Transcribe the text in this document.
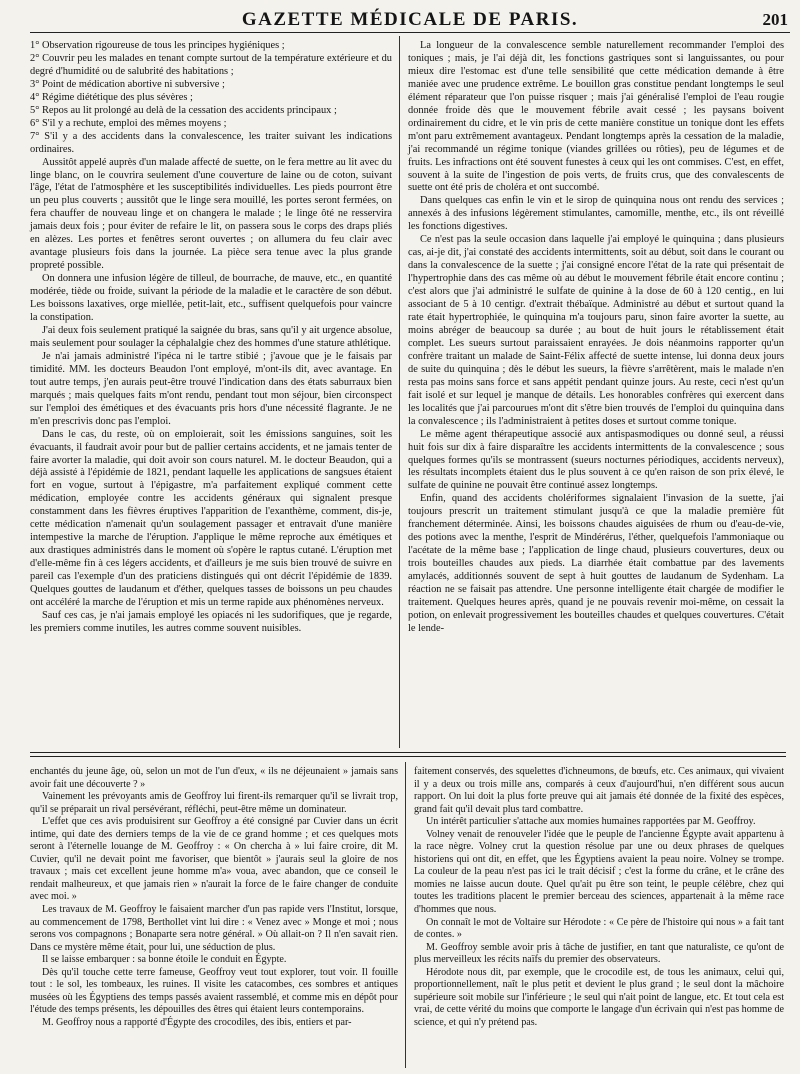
GAZETTE MÉDICALE DE PARIS.	201

1° Observation rigoureuse de tous les principes hygiéniques ;

2° Couvrir peu les malades en tenant compte surtout de la température extérieure et du degré d'humidité ou de salubrité des habitations ;

3° Point de médication abortive ni subversive ;

4° Régime diététique des plus sévères ;

5° Repos au lit prolongé au delà de la cessation des accidents principaux ;

6° S'il y a rechute, emploi des mêmes moyens ;

7° S'il y a des accidents dans la convalescence, les traiter suivant les indications ordinaires.

Aussitôt appelé auprès d'un malade affecté de suette, on le fera mettre au lit avec du linge blanc, on le couvrira seulement d'une couverture de laine ou de coton, suivant l'âge, l'état de l'atmosphère et les susceptibilités individuelles. Les pieds pourront être un peu plus couverts ; aussitôt que le linge sera mouillé, les portes seront fermées, on fera chauffer de nouveau linge et on changera le malade ; le linge ôté ne resservira jamais deux fois ; pour éviter de refaire le lit, on passera sous le corps des draps pliés en alèzes. Les portes et fenêtres seront ouvertes ; on allumera du feu clair avec avantage plusieurs fois dans la journée. La pièce sera tenue avec la plus grande propreté possible.

On donnera une infusion légère de tilleul, de bourrache, de mauve, etc., en quantité modérée, tiède ou froide, suivant la période de la maladie et le caractère de son début. Les boissons laxatives, orge miellée, petit-lait, etc., suffisent quelquefois pour vaincre la constipation.

J'ai deux fois seulement pratiqué la saignée du bras, sans qu'il y ait urgence absolue, mais seulement pour soulager la céphalalgie chez des hommes d'une stature athlétique.

Je n'ai jamais administré l'ipéca ni le tartre stibié ; j'avoue que je le faisais par timidité. MM. les docteurs Beaudon l'ont employé, m'ont-ils dit, avec avantage. En tout autre temps, j'en aurais peut-être trouvé l'indication dans des états saburraux bien marqués ; mais quelques faits m'ont rendu, pendant tout mon séjour, bien circonspect sur l'emploi des émétiques et des évacuants pris hors d'une nécessité flagrante. Je ne m'en prescrivis donc pas l'emploi.

Dans le cas, du reste, où on emploierait, soit les émissions sanguines, soit les évacuants, il faudrait avoir pour but de pallier certains accidents, et ne jamais tenter de faire avorter la maladie, qui doit avoir son cours naturel. M. le docteur Beaudon, qui a déjà assisté à l'épidémie de 1821, pendant laquelle les applications de sangsues étaient fort en vogue, surtout à l'épigastre, m'a parfaitement expliqué comment cette médication, employée contre les accidents généraux qui signalent presque constamment dans les fièvres éruptives l'apparition de l'exanthème, comment, dis-je, cette médication n'amenait qu'un soulagement passager et entravait d'une manière intempestive la marche de l'éruption. J'applique le même reproche aux émétiques et aux drastiques administrés dans le moment où s'opère le raptus cutané. L'éruption met d'elle-même fin à ces légers accidents, et d'ailleurs je me suis bien trouvé de suivre en pareil cas l'exemple d'un des praticiens distingués qui ont décrit l'épidémie de 1839. Quelques gouttes de laudanum et d'éther, quelques tasses de boissons un peu chaudes ont accéléré la marche de l'éruption et mis un terme rapide aux phénomènes nerveux.

Sauf ces cas, je n'ai jamais employé les opiacés ni les sudorifiques, que je regarde, les premiers comme inutiles, les autres comme souvent nuisibles.

La longueur de la convalescence semble naturellement recommander l'emploi des toniques ; mais, je l'ai déjà dit, les fonctions gastriques sont si languissantes, ou pour mieux dire l'estomac est d'une telle sensibilité que cette médication demande à être maniée avec une prudence extrême. Le bouillon gras constitue pendant longtemps le seul élément réparateur que l'on puisse risquer ; mais j'ai généralisé l'emploi de l'eau rougie donnée froide dès que le mouvement fébrile avait cessé ; les paysans boivent ordinairement du cidre, et le vin pris de cette manière constitue un tonique dont les effets m'ont paru extrêmement avantageux. Pendant longtemps après la cessation de la maladie, j'ai recommandé un régime tonique (viandes grillées ou rôties), peu de légumes et de fruits. Les infractions ont été souvent funestes à ceux qui les ont commises. C'est, en effet, souvent à la suite de l'ingestion de pois verts, de fruits crus, que des convalescents de suette ont été pris de choléra et ont succombé.

Dans quelques cas enfin le vin et le sirop de quinquina nous ont rendu des services ; annexés à des infusions légèrement stimulantes, camomille, menthe, etc., ils ont réveillé les fonctions digestives.

Ce n'est pas la seule occasion dans laquelle j'ai employé le quinquina ; dans plusieurs cas, ai-je dit, j'ai constaté des accidents intermittents, soit au début, soit dans le courant ou dans la convalescence de la suette ; j'ai consigné encore l'état de la rate qui présentait de l'hypertrophie dans des cas même où au début le mouvement fébrile était encore continu ; c'est alors que j'ai administré le sulfate de quinine à la dose de 60 à 120 centig., en lui associant de 5 à 10 centigr. d'extrait thébaïque. Administré au début et surtout quand la rate était hypertrophiée, le quinquina m'a toujours paru, sinon faire avorter la suette, au moins abréger de beaucoup sa durée ; au bout de huit jours le rétablissement était complet. Les sueurs surtout paraissaient enrayées. Je dois néanmoins rapporter qu'un confrère traitant un malade de Saint-Félix affecté de suette intense, lui donna deux jours de suite du quinquina ; dès le début les sueurs, la fièvre s'arrêtèrent, mais le malade n'en resta pas moins sans force et sans appétit pendant quinze jours. Au reste, ceci n'est qu'un fait isolé et sur lequel je manque de détails. Les honorables confrères qui exercent dans les localités que j'ai parcourues m'ont dit s'être bien trouvés de l'emploi du quinquina dans la convalescence ; ils l'administraient à petites doses et surtout comme tonique.

Le même agent thérapeutique associé aux antispasmodiques ou donné seul, a réussi huit fois sur dix à faire disparaître les accidents intermittents de la convalescence ; sous quelques formes qu'ils se montrassent (sueurs nocturnes périodiques, accidents nerveux), les résultats incomplets étaient dus le plus souvent à ce qu'en raison de son prix élevé, le sulfate de quinine ne pouvait être continué assez longtemps.

Enfin, quand des accidents cholériformes signalaient l'invasion de la suette, j'ai toujours prescrit un traitement stimulant jusqu'à ce que la maladie première fût franchement déterminée. Ainsi, les boissons chaudes aiguisées de rhum ou d'eau-de-vie, des potions avec la menthe, l'esprit de Mindérérus, l'éther, quelquefois l'ammoniaque ou l'acétate de la même base ; l'application de linge chaud, plusieurs couvertures, deux ou trois bouteilles chaudes aux pieds. La diarrhée était combattue par des lavements amylacés, additionnés souvent de sept à huit gouttes de laudanum de Sydenham. La réaction ne se faisait pas attendre. Une personne intelligente était chargée de modifier le traitement. Quelques heures après, quand je ne pouvais revenir moi-même, on cessait la potion, on enlevait progressivement les bouteilles chaudes et quelques couvertures. C'était le lende-

enchantés du jeune âge, où, selon un mot de l'un d'eux, « ils ne déjeunaient » jamais sans avoir fait une découverte ? »

Vainement les prévoyants amis de Geoffroy lui firent-ils remarquer qu'il se livrait trop, qu'il se préparait un rival persévérant, réfléchi, peut-être même un dominateur.

L'effet que ces avis produisirent sur Geoffroy a été consigné par Cuvier dans un écrit intime, qui date des derniers temps de la vie de ce grand homme ; et ces quelques mots seront à l'éternelle louange de M. Geoffroy : « On chercha à » lui faire croire, dit M. Cuvier, qu'il ne devait point me favoriser, que bientôt » j'aurais seul la gloire de nos travaux ; mais cet excellent jeune homme m'a» voua, avec abandon, que ce conseil le rendait malheureux, et que jamais rien » n'aurait la force de le faire changer de conduite avec moi. »

Les travaux de M. Geoffroy le faisaient marcher d'un pas rapide vers l'Institut, lorsque, au commencement de 1798, Berthollet vint lui dire : « Venez avec » Monge et moi ; nous serons vos compagnons ; Bonaparte sera notre général. » Où allait-on ? Il n'en savait rien. Dans ce mystère même était, pour lui, une séduction de plus.

Il se laisse embarquer : sa bonne étoile le conduit en Égypte.

Dès qu'il touche cette terre fameuse, Geoffroy veut tout explorer, tout voir. Il fouille tout : le sol, les tombeaux, les ruines. Il visite les catacombes, ces sombres et antiques musées où les Égyptiens des temps passés avaient rassemblé, et comme mis en dépôt pour l'étude des temps présents, les dépouilles des êtres qui étaient leurs contemporains.

M. Geoffroy nous a rapporté d'Égypte des crocodiles, des ibis, entiers et par-

faitement conservés, des squelettes d'ichneumons, de bœufs, etc. Ces animaux, qui vivaient il y a deux ou trois mille ans, comparés à ceux d'aujourd'hui, n'en différent sous aucun rapport. On lui doit la plus forte preuve qui ait jamais été donnée de la fixité des espèces, grand fait qu'il devait plus tard combattre.

Un intérêt particulier s'attache aux momies humaines rapportées par M. Geoffroy.

Volney venait de renouveler l'idée que le peuple de l'ancienne Égypte avait appartenu à la race nègre. Volney crut la question résolue par une ou deux phrases de quelques historiens qui ont dit, en effet, que les Égyptiens avaient la peau noire. Volney se trompe. La couleur de la peau n'est pas ici le trait décisif ; c'est la forme du crâne, et le crâne des momies ne laisse aucun doute. Quel qu'ait pu être son teint, le peuple célèbre, chez qui toutes les traditions placent le premier berceau des sciences, appartenait à la même race d'hommes que nous.

On connaît le mot de Voltaire sur Hérodote : « Ce père de l'histoire qui nous » a fait tant de contes. »

M. Geoffroy semble avoir pris à tâche de justifier, en tant que naturaliste, ce qu'ont de plus merveilleux les récits naïfs du premier des observateurs.

Hérodote nous dit, par exemple, que le crocodile est, de tous les animaux, celui qui, proportionnellement, naît le plus petit et devient le plus grand ; le seul dont la mâchoire supérieure soit mobile sur l'inférieure ; le seul qui n'ait point de langue, etc. Et tout cela est vrai, de cette vérité du moins que comporte le langage d'un écrivain qui n'est pas homme de science, et qui n'y prétend pas.
